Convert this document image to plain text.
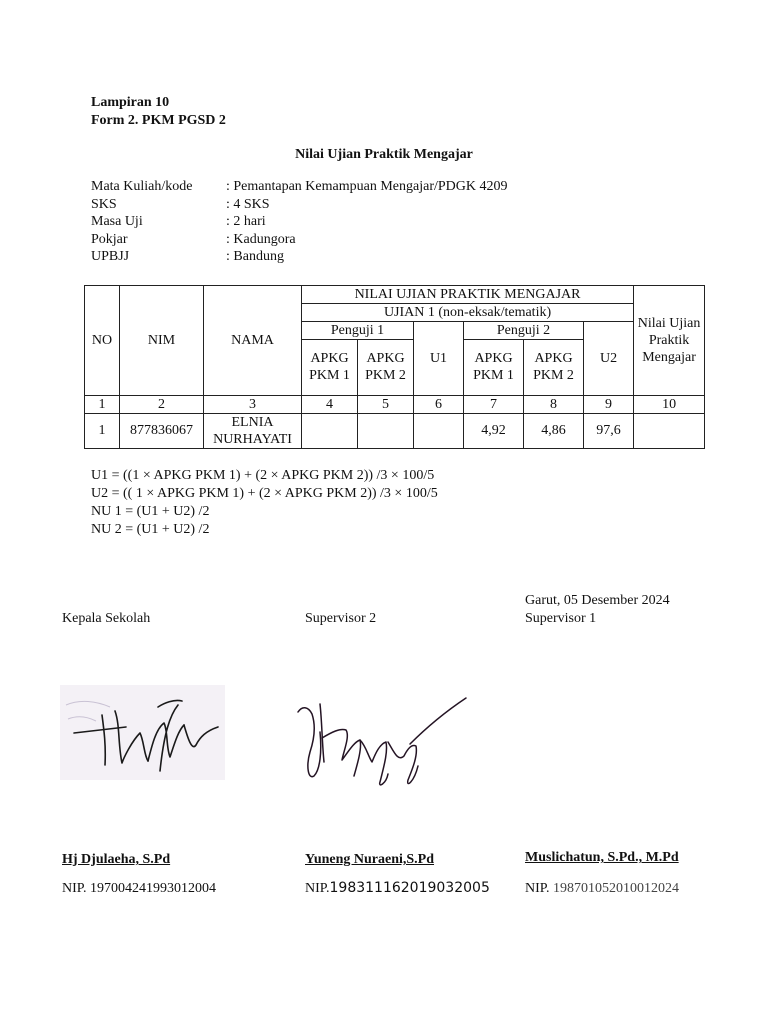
Lampiran 10
Form 2. PKM PGSD 2
Nilai Ujian Praktik Mengajar
Mata Kuliah/kode	: Pemantapan Kemampuan Mengajar/PDGK 4209
SKS	: 4 SKS
Masa Uji	: 2 hari
Pokjar	: Kadungora
UPBJJ	: Bandung
NO	NIM	NAMA	NILAI UJIAN PRAKTIK MENGAJAR						Nilai Ujian Praktik Mengajar
			UJIAN 1 (non-eksak/tematik)						
			Penguji 1		U1	Penguji 2		U2	
			APKG PKM 1	APKG PKM 2		APKG PKM 1	APKG PKM 2		
1	2	3	4	5	6	7	8	9	10
1	877836067	ELNIA NURHAYATI				4,92	4,86	97,6	
U1 = ((1 × APKG PKM 1) + (2 × APKG PKM 2)) /3 × 100/5
U2 = (( 1 × APKG PKM 1) + (2 × APKG PKM 2)) /3 × 100/5
NU 1 = (U1 + U2) /2
NU 2 = (U1 + U2) /2
Garut, 05 Desember 2024
Kepala Sekolah	Supervisor 2	Supervisor 1
Hj Djulaeha, S.Pd	Yuneng Nuraeni,S.Pd	Muslichatun, S.Pd., M.Pd
NIP. 197004241993012004	NIP.198311162019032005	NIP. 198701052010012024
